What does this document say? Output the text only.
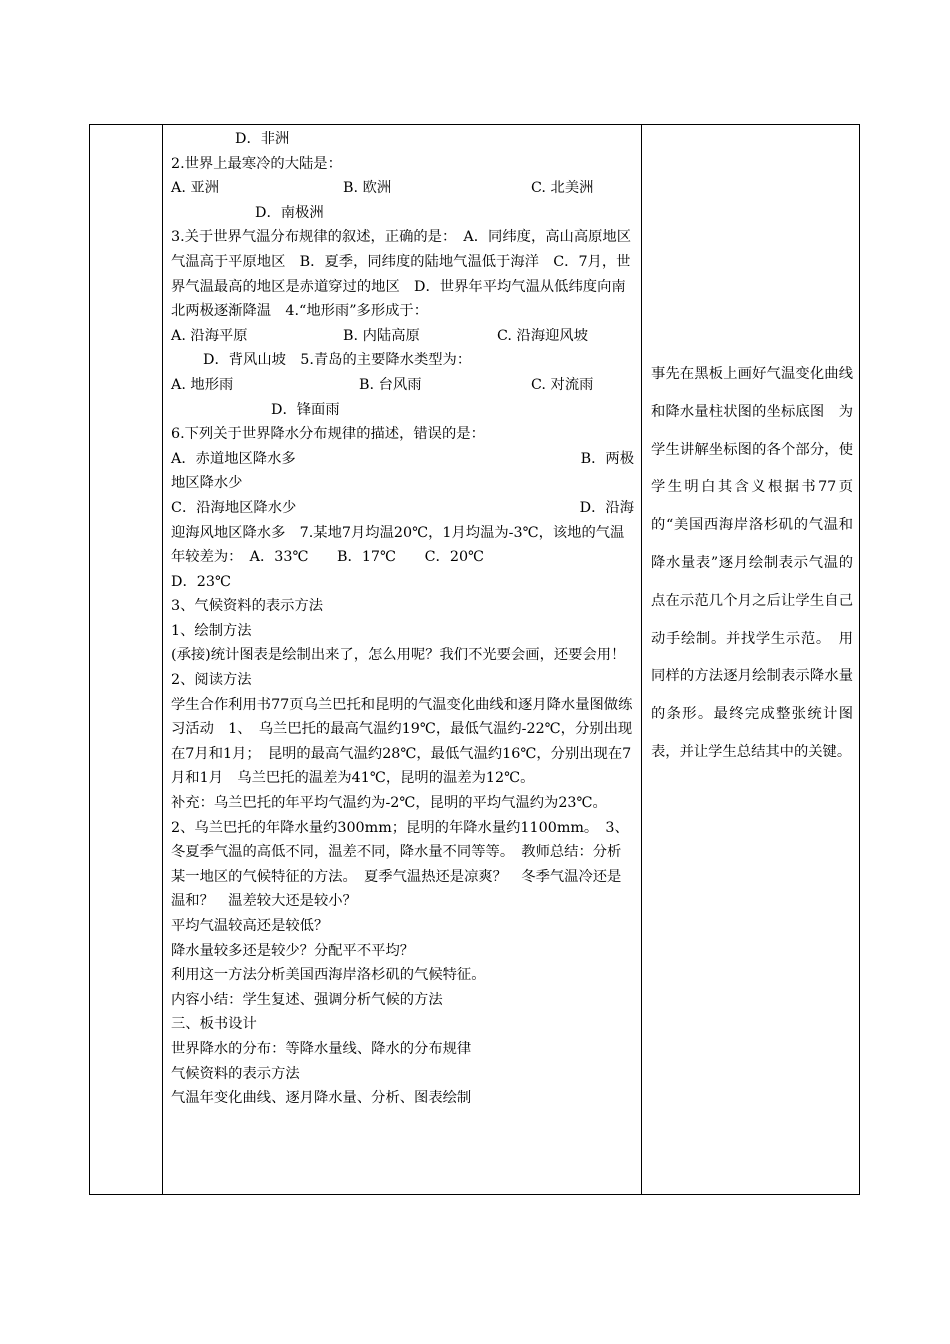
D．非洲
2.世界上最寒冷的大陆是：
A. 亚洲	B. 欧洲	C. 北美洲
D．南极洲
3.关于世界气温分布规律的叙述，正确的是：　A．同纬度，高山高原地区气温高于平原地区　B．夏季，同纬度的陆地气温低于海洋　C．7月，世界气温最高的地区是赤道穿过的地区　D．世界年平均气温从低纬度向南北两极逐渐降温　4.“地形雨”多形成于：
A. 沿海平原	B. 内陆高原	C. 沿海迎风坡
D．背风山坡　5.青岛的主要降水类型为：
A. 地形雨	B. 台风雨	C. 对流雨
D．锋面雨
6.下列关于世界降水分布规律的描述，错误的是：
A．赤道地区降水多	B．两极
地区降水少
C．沿海地区降水少	D．沿海
迎海风地区降水多　7.某地7月均温20℃，1月均温为-3℃，该地的气温年较差为：　A．33℃　　B．17℃　　C．20℃
D．23℃
3、气候资料的表示方法
1、绘制方法
(承接)统计图表是绘制出来了，怎么用呢？我们不光要会画，还要会用！
2、阅读方法
学生合作利用书77页乌兰巴托和昆明的气温变化曲线和逐月降水量图做练习活动　1、　乌兰巴托的最高气温约19℃，最低气温约-22℃，分别出现在7月和1月；　昆明的最高气温约28℃，最低气温约16℃，分别出现在7月和1月　乌兰巴托的温差为41℃，昆明的温差为12℃。
补充：乌兰巴托的年平均气温约为-2℃，昆明的平均气温约为23℃。　2、乌兰巴托的年降水量约300mm；昆明的年降水量约1100mm。　3、冬夏季气温的高低不同，温差不同，降水量不同等等。　教师总结：分析某一地区的气候特征的方法。　夏季气温热还是凉爽？　冬季气温冷还是温和？　温差较大还是较小？
平均气温较高还是较低？
降水量较多还是较少？分配平不平均？
利用这一方法分析美国西海岸洛杉矶的气候特征。
内容小结：学生复述、强调分析气候的方法
三、板书设计
世界降水的分布：等降水量线、降水的分布规律
气候资料的表示方法
气温年变化曲线、逐月降水量、分析、图表绘制
事先在黑板上画好气温变化曲线和降水量柱状图的坐标底图　为学生讲解坐标图的各个部分，使学生明白其含义根据书77页的“美国西海岸洛杉矶的气温和降水量表”逐月绘制表示气温的点在示范几个月之后让学生自己动手绘制。并找学生示范。　用同样的方法逐月绘制表示降水量的条形。最终完成整张统计图表，并让学生总结其中的关键。
